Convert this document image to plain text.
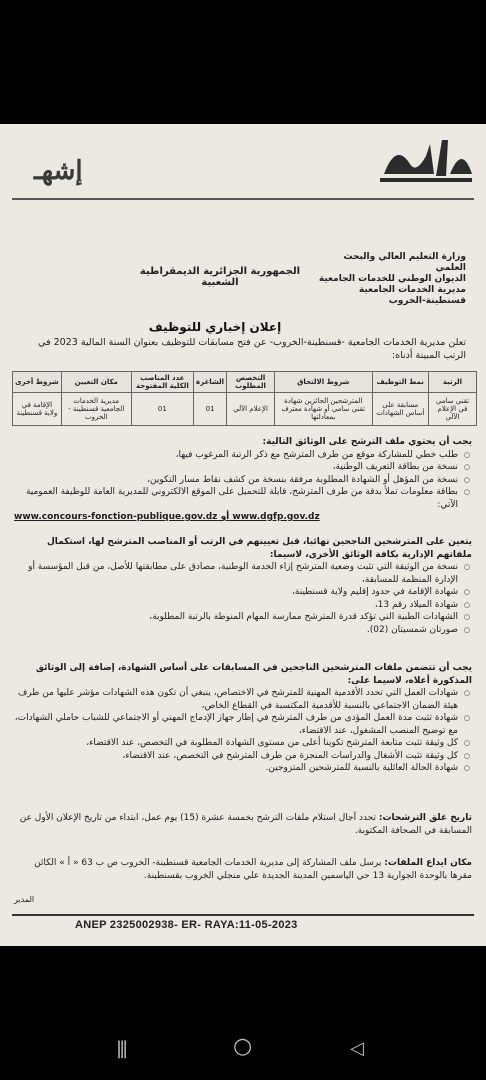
إشهـ
وزارة التعليم العالي والبحث العلمي
الديوان الوطني للخدمات الجامعية
مديرية الخدمات الجامعية قسنطينة-الخروب
الجمهورية الجزائرية الديمقراطية الشعبية
إعلان إخباري للتوظيف
تعلن مديرية الخدمات الجامعية -قسنطينة-الخروب- عن فتح مسابقات للتوظيف بعنوان السنة المالية 2023 في الرتب المبينة أدناه:
الرتبة	نمط التوظيف	شروط الالتحاق	التخصص المطلوب	الشاغرة	عدد المناصب الكلية المفتوحة	مكان التعيين	شروط أخرى
تقني سامي في الإعلام الآلي	مسابقة على أساس الشهادات	المترشحين الحائزين شهادة تقني سامي أو شهادة معترف بمعادلتها	الإعلام الآلي	01	01	مديرية الخدمات الجامعية قسنطينة - الخروب	الإقامة في ولاية قسنطينة

يجب أن يحتوي ملف الترشح على الوثائق التالية:

○ طلب خطي للمشاركة موقع من طرف المترشح مع ذكر الرتبة المرغوب فيها،
○ نسخة من بطاقة التعريف الوطنية،
○ نسخة من المؤهل أو الشهادة المطلوبة مرفقة بنسخة من كشف نقاط مسار التكوين،
○ بطاقة معلومات تملأ بدقة من طرف المترشح، قابلة للتحميل على الموقع الالكتروني للمديرية العامة للوظيفة العمومية الآتي:

www.concours-fonction-publique.gov.dz أو www.dgfp.gov.dz

يتعين على المترشحين الناجحين نهائيا، قبل تعيينهم في الرتب أو المناصب المترشح لها، استكمال ملفاتهم الإدارية بكافة الوثائق الأخرى، لاسيما:

○ نسخة من الوثيقة التي تثبت وضعية المترشح إزاء الخدمة الوطنية، مصادق على مطابقتها للأصل، من قبل المؤسسة أو الإدارة المنظمة للمسابقة،
○ شهادة الإقامة في حدود إقليم ولاية قسنطينة،
○ شهادة الميلاد رقم 13،
○ الشهادات الطبية التي تؤكد قدرة المترشح ممارسة المهام المنوطة بالرتبة المطلوبة،
○ صورتان شمسيتان (02).

يجب أن تتضمن ملفات المترشحين الناجحين في المسابقات على أساس الشهادة، إضافة إلى الوثائق المذكورة أعلاه، لاسيما على:

○ شهادات العمل التي تحدد الأقدمية المهنية للمترشح في الاختصاص، ينبغي أن تكون هذه الشهادات مؤشر عليها من طرف هيئة الضمان الاجتماعي بالنسبة للأقدمية المكتسبة في القطاع الخاص،
○ شهادة تثبت مدة العمل المؤدى من طرف المترشح في إطار جهاز الإدماج المهني أو الاجتماعي للشباب حاملي الشهادات، مع توضيح المنصب المشغول، عند الاقتضاء،
○ كل وثيقة تثبت متابعة المترشح تكوينا أعلى من مستوى الشهادة المطلوبة في التخصص، عند الاقتضاء،
○ كل وثيقة تثبت الأشغال والدراسات المنجزة من طرف المترشح في التخصص، عند الاقتضاء،
○ شهادة الحالة العائلية بالنسبة للمترشحين المتزوجين.

تاريخ غلق الترشحات: تحدد آجال استلام ملفات الترشح بخمسة عشرة (15) يوم عمل، ابتداء من تاريخ الإعلان الأول عن المسابقة في الصحافة المكتوبة.

مكان ايداع الملفات: يرسل ملف المشاركة إلى مديرية الخدمات الجامعية قسنطينة- الخروب ص ب 63 « أ » الكائن مقرها بالوحدة الجوارية 13 حي الياسمين المدينة الجديدة علي منجلي الخروب بقسنطينة.

المدير
ANEP 2325002938- ER- RAYA:11-05-2023
|||	○	◁
